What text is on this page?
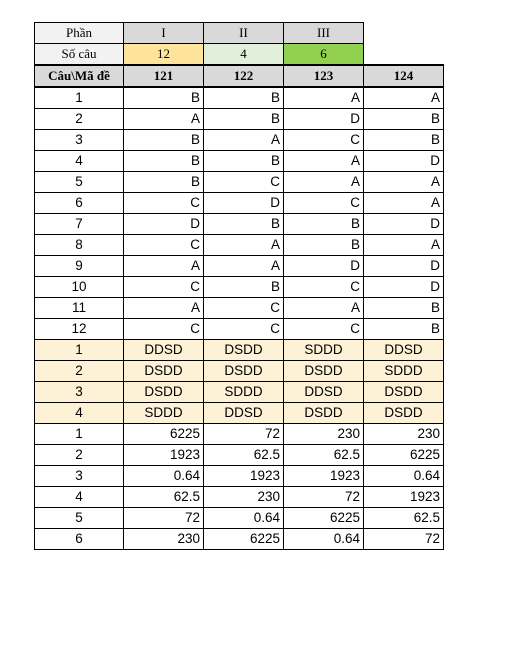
Phần	I	II	III	
Số câu	12	4	6	
Câu\Mã đề	121	122	123	124
1	B	B	A	A
2	A	B	D	B
3	B	A	C	B
4	B	B	A	D
5	B	C	A	A
6	C	D	C	A
7	D	B	B	D
8	C	A	B	A
9	A	A	D	D
10	C	B	C	D
11	A	C	A	B
12	C	C	C	B
1	DDSD	DSDD	SDDD	DDSD
2	DSDD	DSDD	DSDD	SDDD
3	DSDD	SDDD	DDSD	DSDD
4	SDDD	DDSD	DSDD	DSDD
1	6225	72	230	230
2	1923	62.5	62.5	6225
3	0.64	1923	1923	0.64
4	62.5	230	72	1923
5	72	0.64	6225	62.5
6	230	6225	0.64	72
